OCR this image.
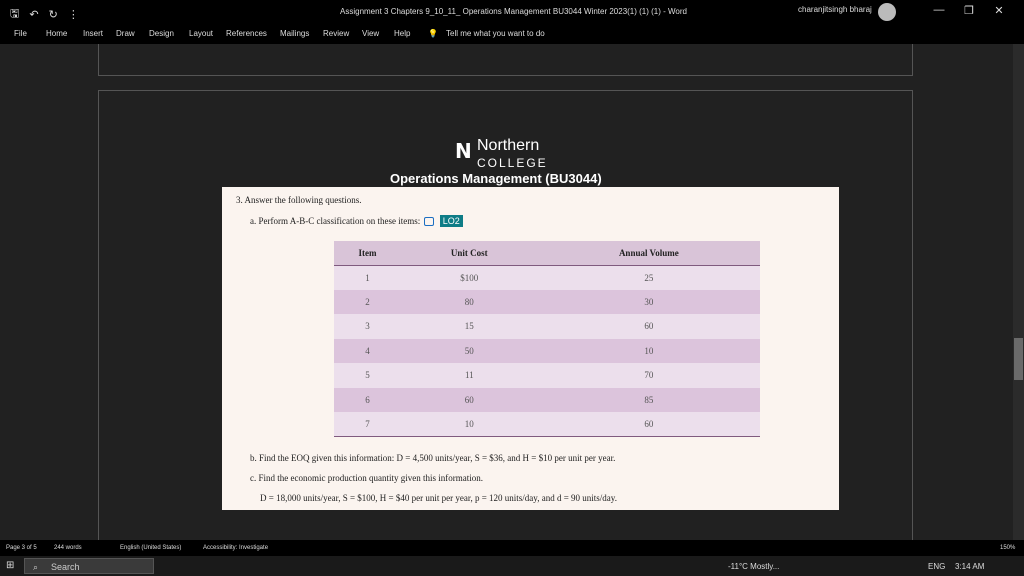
🖫 ↶ ↻ ⋮	Assignment 3 Chapters 9_10_11_ Operations Management BU3044 Winter 2023(1) (1) (1) - Word	charanjitsingh bharaj	—	❐	✕
File Home Insert Draw Design Layout References Mailings Review View Help 💡 Tell me what you want to do
N Northern
COLLEGE
Operations Management (BU3044)
3. Answer the following questions.
a. Perform A-B-C classification on these items:	LO2
Item	Unit Cost	Annual Volume
1	$100	25
2	80	30
3	15	60
4	50	10
5	11	70
6	60	85
7	10	60
b. Find the EOQ given this information: D = 4,500 units/year, S = $36, and H = $10 per unit per year.
c. Find the economic production quantity given this information.
D = 18,000 units/year, S = $100, H = $40 per unit per year, p = 120 units/day, and d = 90 units/day.
Page 3 of 5	244 words	English (United States)	Accessibility: Investigate	150%
⊞ ⌕ Search	-11°C Mostly...	ENG 3:14 AM
